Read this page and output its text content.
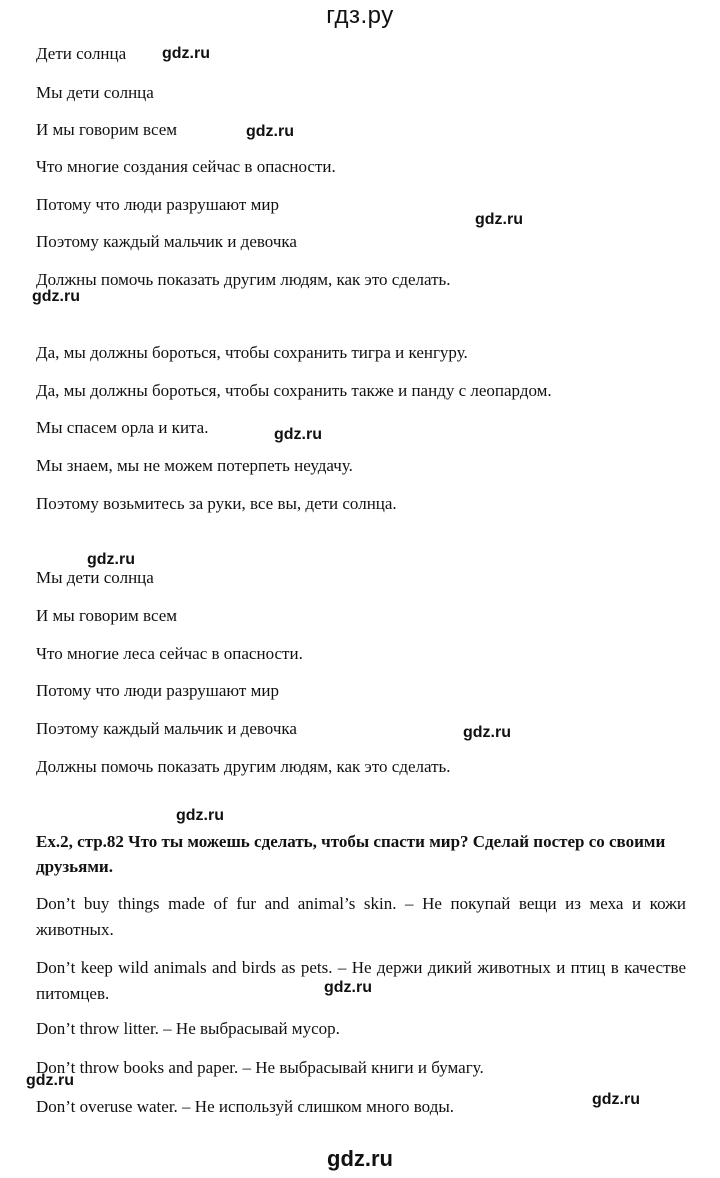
гдз.ру
Дети солнца
Мы дети солнца
И мы говорим всем
Что многие создания сейчас в опасности.
Потому что люди разрушают мир
Поэтому каждый мальчик и девочка
Должны помочь показать другим людям, как это сделать.
Да, мы должны бороться, чтобы сохранить тигра и кенгуру.
Да, мы должны бороться, чтобы сохранить также и панду с леопардом.
Мы спасем орла и кита.
Мы знаем, мы не можем потерпеть неудачу.
Поэтому возьмитесь за руки, все вы, дети солнца.
Мы дети солнца
И мы говорим всем
Что многие леса сейчас в опасности.
Потому что люди разрушают мир
Поэтому каждый мальчик и девочка
Должны помочь показать другим людям, как это сделать.
Ex.2, стр.82 Что ты можешь сделать, чтобы спасти мир? Сделай постер со своими друзьями.
Don’t buy things made of fur and animal’s skin. – Не покупай вещи из меха и кожи животных.
Don’t keep wild animals and birds as pets. – Не держи дикий животных и птиц в качестве питомцев.
Don’t throw litter. – Не выбрасывай мусор.
Don’t throw books and paper. – Не выбрасывай книги и бумагу.
Don’t overuse water. – Не используй слишком много воды.
gdz.ru
gdz.ru
gdz.ru
gdz.ru
gdz.ru
gdz.ru
gdz.ru
gdz.ru
gdz.ru
gdz.ru
gdz.ru
gdz.ru
